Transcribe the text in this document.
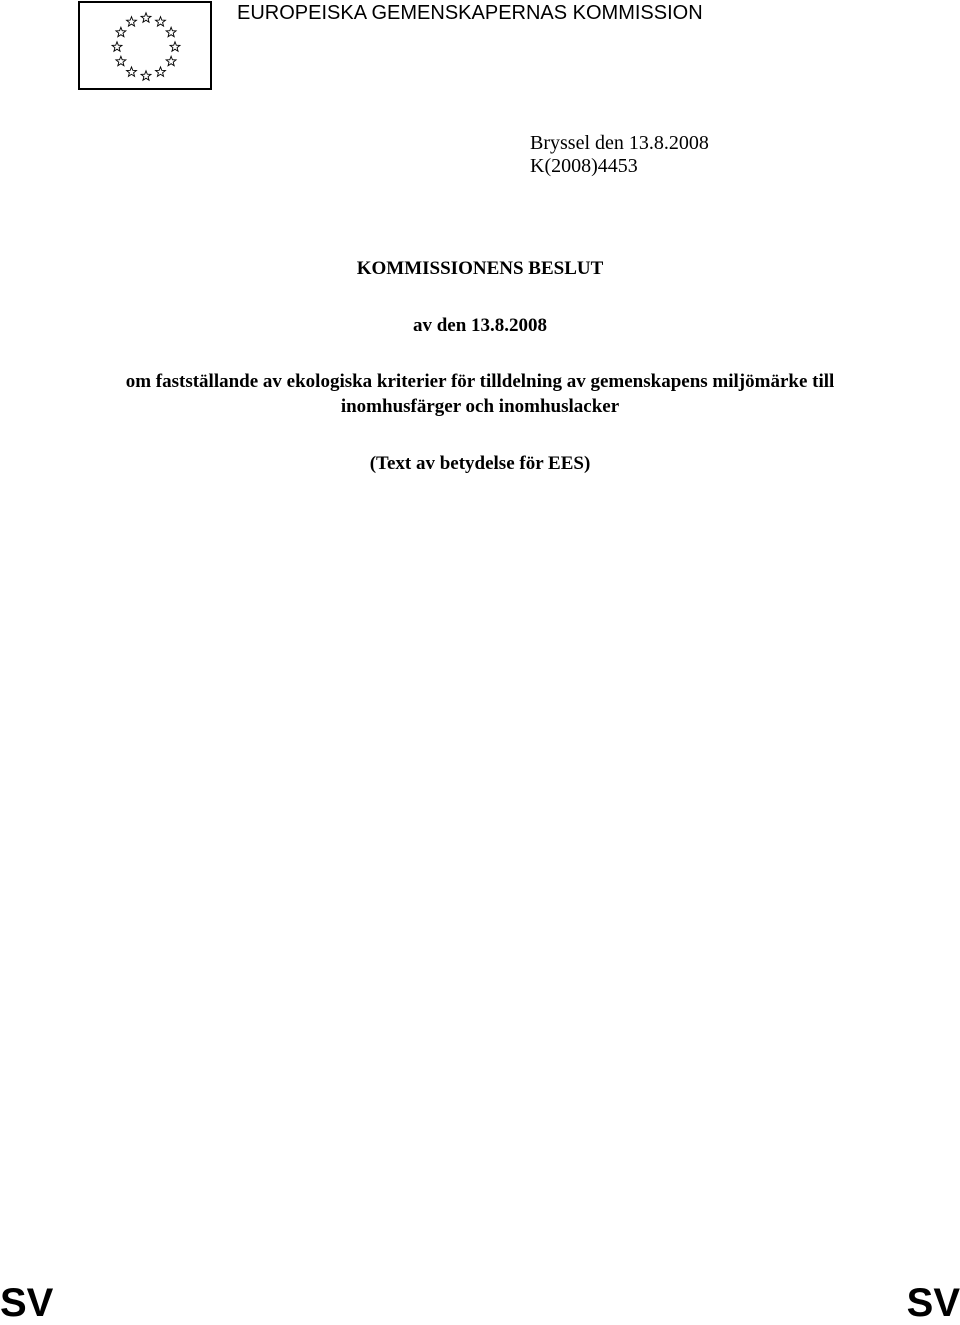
EUROPEISKA GEMENSKAPERNAS KOMMISSION
Bryssel den 13.8.2008
K(2008)4453
KOMMISSIONENS BESLUT
av den 13.8.2008
om fastställande av ekologiska kriterier för tilldelning av gemenskapens miljömärke till
inomhusfärger och inomhuslacker
(Text av betydelse för EES)
SV	SV
